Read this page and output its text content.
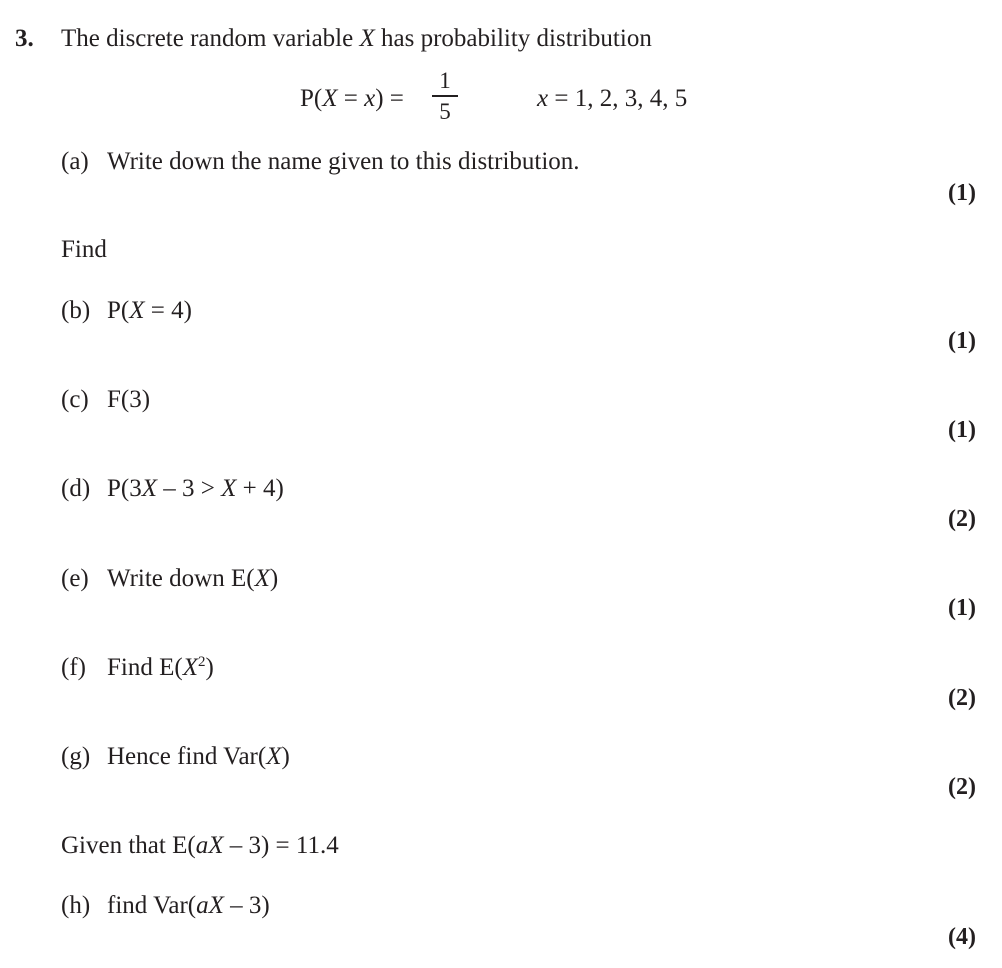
3. The discrete random variable X has probability distribution
P(X = x) =
1
5	x = 1, 2, 3, 4, 5
(a) Write down the name given to this distribution.
(1)
Find
(b) P(X = 4)
(1)
(c) F(3)
(1)
(d) P(3X – 3 > X + 4)
(2)
(e) Write down E(X)
(1)
(f) Find $E(X^2)$
(2)
(g) Hence find Var(X)
(2)
Given that E(aX – 3) = 11.4
(h) find Var(aX – 3)
(4)
